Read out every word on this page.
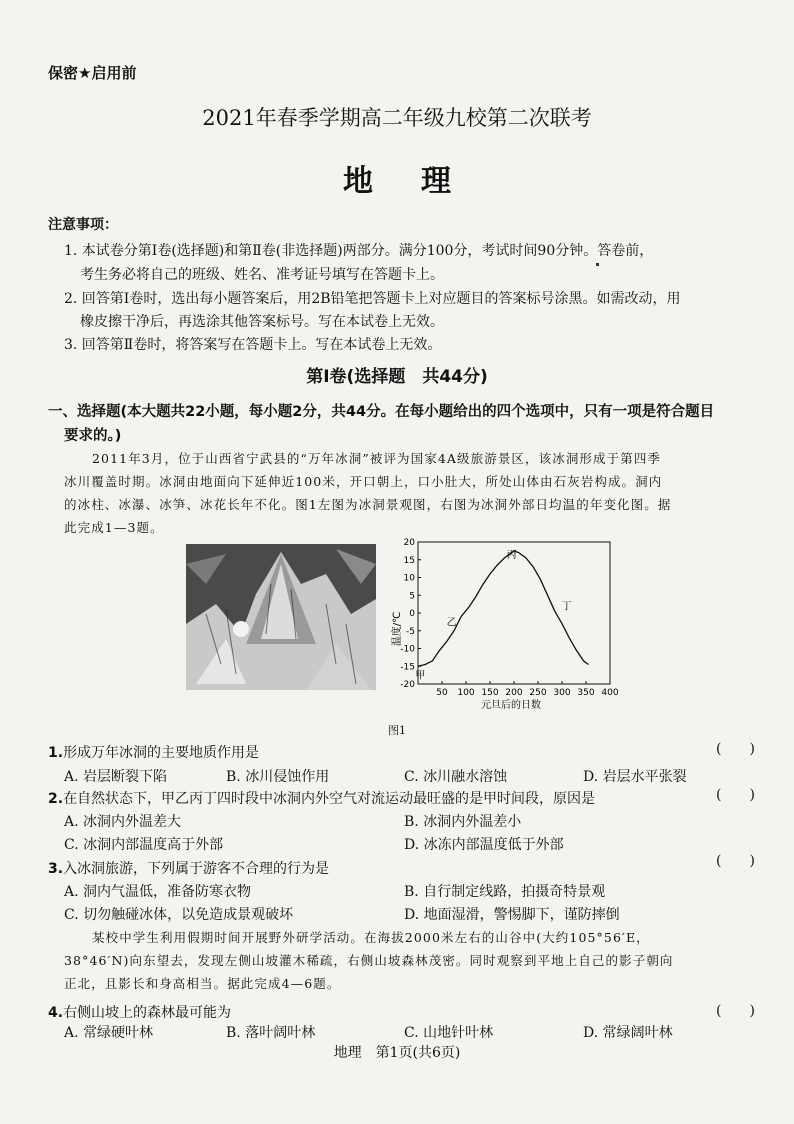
保密★启用前
2021年春季学期高二年级九校第二次联考
地理
注意事项：
1. 本试卷分第Ⅰ卷(选择题)和第Ⅱ卷(非选择题)两部分。满分100分，考试时间90分钟。答卷前，
考生务必将自己的班级、姓名、准考证号填写在答题卡上。
2. 回答第Ⅰ卷时，选出每小题答案后，用2B铅笔把答题卡上对应题目的答案标号涂黑。如需改动，用
橡皮擦干净后，再选涂其他答案标号。写在本试卷上无效。
3. 回答第Ⅱ卷时，将答案写在答题卡上。写在本试卷上无效。
第Ⅰ卷(选择题　共44分)
一、选择题(本大题共22小题，每小题2分，共44分。在每小题给出的四个选项中，只有一项是符合题目
要求的。)
2011年3月，位于山西省宁武县的“万年冰洞”被评为国家4A级旅游景区，该冰洞形成于第四季
冰川覆盖时期。冰洞由地面向下延伸近100米，开口朝上，口小肚大，所处山体由石灰岩构成。洞内
的冰柱、冰瀑、冰笋、冰花长年不化。图1左图为冰洞景观图，右图为冰洞外部日均温的年变化图。据
此完成1—3题。
温度/℃
元旦后的日数
-20
-15
-10
-5
0
5
10
15
20
50 100 150 200 250 300 350 400
甲
乙
丙
丁
图1
1.形成万年冰洞的主要地质作用是	(　　)
A. 岩层断裂下陷	B. 冰川侵蚀作用	C. 冰川融水溶蚀	D. 岩层水平张裂
2.在自然状态下，甲乙丙丁四时段中冰洞内外空气对流运动最旺盛的是甲时间段，原因是	(　　)
A. 冰洞内外温差大	B. 冰洞内外温差小
C. 冰洞内部温度高于外部	D. 冰冻内部温度低于外部
3.入冰洞旅游，下列属于游客不合理的行为是	(　　)
A. 洞内气温低，准备防寒衣物	B. 自行制定线路，拍摄奇特景观
C. 切勿触碰冰体，以免造成景观破坏	D. 地面湿滑，警惕脚下，谨防摔倒
某校中学生利用假期时间开展野外研学活动。在海拔2000米左右的山谷中(大约105°56′E，
38°46′N)向东望去，发现左侧山坡灌木稀疏，右侧山坡森林茂密。同时观察到平地上自己的影子朝向
正北，且影长和身高相当。据此完成4—6题。
4.右侧山坡上的森林最可能为	(　　)
A. 常绿硬叶林	B. 落叶阔叶林	C. 山地针叶林	D. 常绿阔叶林
地理　第1页(共6页)
